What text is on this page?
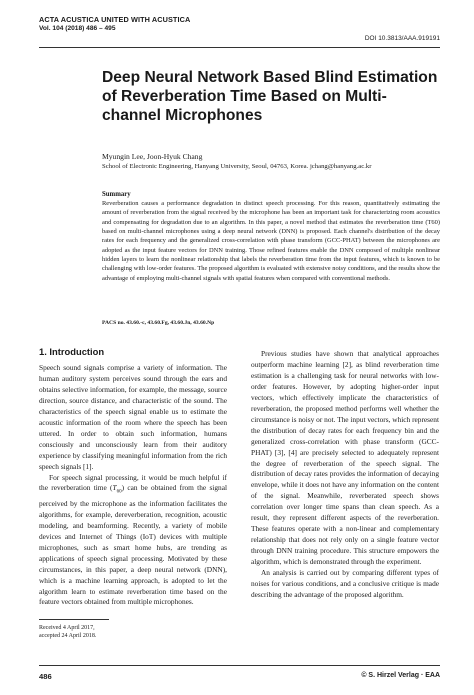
ACTA ACUSTICA UNITED WITH ACUSTICA
Vol. 104 (2018) 486 – 495
DOI 10.3813/AAA.919191
Deep Neural Network Based Blind Estimation of Reverberation Time Based on Multi-channel Microphones
Myungin Lee, Joon-Hyuk Chang
School of Electronic Engineering, Hanyang University, Seoul, 04763, Korea. jchang@hanyang.ac.kr
Summary

Reverberation causes a performance degradation in distinct speech processing. For this reason, quantitatively estimating the amount of reverberation from the signal received by the microphone has been an important task for characterizing room acoustics and compensating for degradation due to an algorithm. In this paper, a novel method that estimates the reverberation time (T60) based on multi-channel microphones using a deep neural network (DNN) is proposed. Each channel's distribution of the decay rates for each frequency and the generalized cross-correlation with phase transform (GCC-PHAT) between the microphones are adopted as the input feature vectors for DNN training. Those refined features enable the DNN composed of multiple nonlinear hidden layers to learn the nonlinear relationship that labels the reverberation time from the input features, which is known to be challenging with low-order features. The proposed algorithm is evaluated with extensive noisy conditions, and the results show the advantage of employing multi-channel signals with spatial features when compared with conventional methods.

PACS no. 43.60.-c, 43.60.Fg, 43.60.Jn, 43.60.Np
1. Introduction

Speech sound signals comprise a variety of information. The human auditory system perceives sound through the ears and obtains selective information, for example, the message, source direction, source distance, and characteristic of the sound. The characteristics of the speech signal enable us to estimate the acoustic information of the room where the speech has been uttered. In order to obtain such information, humans consciously and unconsciously learn from their auditory experience by classifying meaningful information from the rich speech signals [1].

For speech signal processing, it would be much helpful if the reverberation time $(T_{60})$ can be obtained from the signal perceived by the microphone as the information facilitates the algorithms, for example, dereverberation, recognition, acoustic modeling, and beamforming. Recently, a variety of mobile devices and Internet of Things (IoT) devices with multiple microphones, such as smart home hubs, are trending as applications of speech signal processing. Motivated by these circumstances, in this paper, a deep neural network (DNN), which is a machine learning approach, is adopted to let the algorithm learn to estimate reverberation time based on the feature vectors obtained from multiple microphones.

Previous studies have shown that analytical approaches outperform machine learning [2], as blind reverberation time estimation is a challenging task for neural networks with low-order features. However, by adopting higher-order input vectors, which effectively implicate the characteristics of reverberation, the proposed method performs well whether the circumstance is noisy or not. The input vectors, which represent the distribution of decay rates for each frequency bin and the generalized cross-correlation with phase transform (GCC-PHAT) [3], [4] are precisely selected to adequately represent the degree of reverberation of the speech signal. The distribution of decay rates provides the information of decaying envelope, while it does not have any information on the content of the signal. Meanwhile, reverberated speech shows correlation over longer time spans than clean speech. As a result, they represent different aspects of the reverberation. These features operate with a non-linear and complementary relationship that does not rely only on a single feature vector through DNN training procedure. This structure empowers the algorithm, which is demonstrated through the experiment.

An analysis is carried out by comparing different types of noises for various conditions, and a conclusive critique is made describing the advantage of the proposed algorithm.

Received 4 April 2017,
accepted 24 April 2018.
486	© S. Hirzel Verlag · EAA
